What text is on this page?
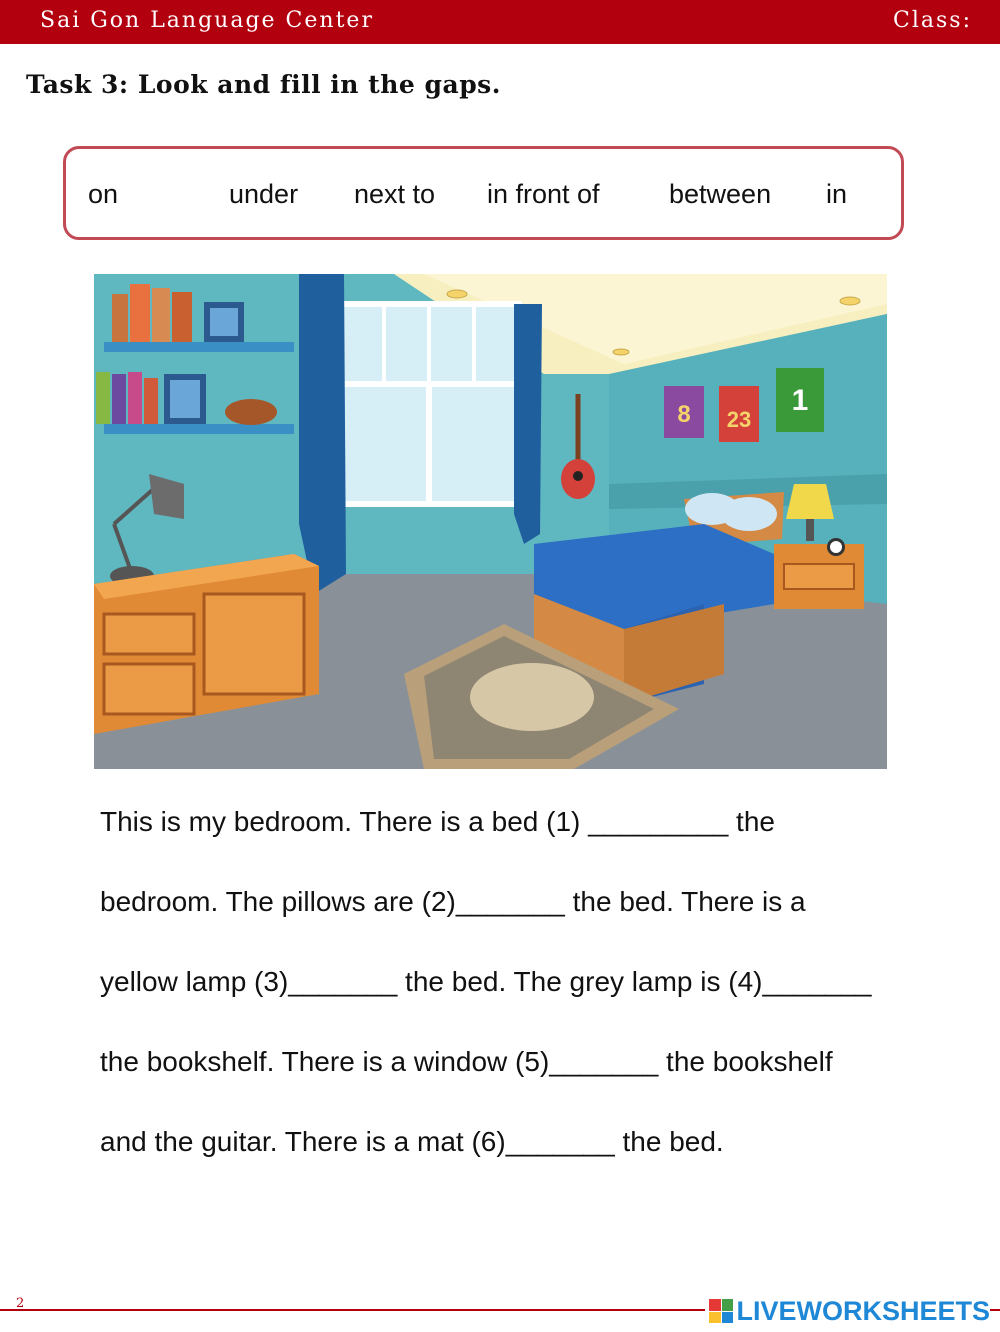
Sai Gon Language Center	Class:
Task 3: Look and fill in the gaps.
on	under next to in front of	between in
8 23
1
This is my bedroom. There is a bed (1) _________ the
bedroom. The pillows are (2)_______ the bed. There is a
yellow lamp (3)_______ the bed. The grey lamp is (4)_______
the bookshelf. There is a window (5)_______ the bookshelf
and the guitar. There is a mat (6)_______ the bed.
2	LIVEWORKSHEETS
